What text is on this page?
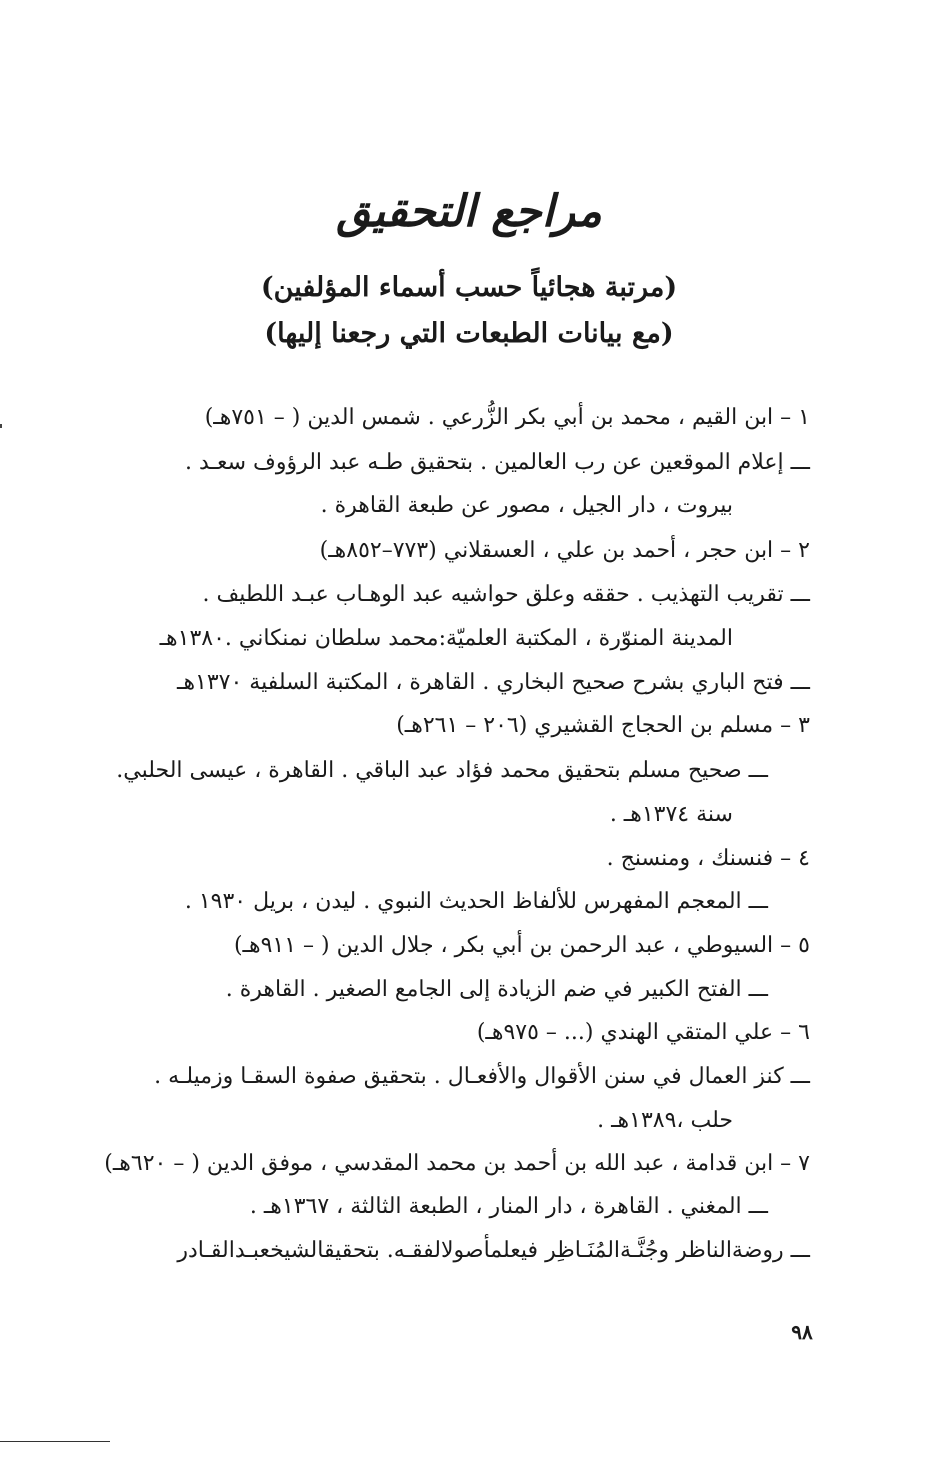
مراجع التحقيق
(مرتبة هجائياً حسب أسماء المؤلفين)
(مع بيانات الطبعات التي رجعنا إليها)
١ – ابن القيم ، محمد بن أبي بكر الزُّرعي . شمس الدين ( – ٧٥١هـ)
ـــ إعلام الموقعين عن رب العالمين . بتحقيق طـه عبد الرؤوف سعـد .
بيروت ، دار الجيل ، مصور عن طبعة القاهرة .
٢ – ابن حجر ، أحمد بن علي ، العسقلاني (٧٧٣–٨٥٢هـ)
ـــ تقريب التهذيب . حققه وعلق حواشيه عبد الوهـاب عبـد اللطيف .
المدينة المنوّرة ، المكتبة العلميّة:محمد سلطان نمنكاني .١٣٨٠هـ
ـــ فتح الباري بشرح صحيح البخاري . القاهرة ، المكتبة السلفية ١٣٧٠هـ
٣ – مسلم بن الحجاج القشيري (٢٠٦ – ٢٦١هـ)
ـــ صحيح مسلم بتحقيق محمد فؤاد عبد الباقي . القاهرة ، عيسى الحلبي.
سنة ١٣٧٤هـ .
٤ – فنسنك ، ومنسنج .
ـــ المعجم المفهرس للألفاظ الحديث النبوي . ليدن ، بريل ١٩٣٠ .
٥ – السيوطي ، عبد الرحمن بن أبي بكر ، جلال الدين ( – ٩١١هـ)
ـــ الفتح الكبير في ضم الزيادة إلى الجامع الصغير . القاهرة .
٦ – علي المتقي الهندي (... – ٩٧٥هـ)
ـــ كنز العمال في سنن الأقوال والأفعـال . بتحقيق صفوة السقـا وزميلـه .
حلب ،١٣٨٩هـ .
٧ – ابن قدامة ، عبد الله بن أحمد بن محمد المقدسي ، موفق الدين ( – ٦٢٠هـ)
ـــ المغني . القاهرة ، دار المنار ، الطبعة الثالثة ، ١٣٦٧هـ .
ـــ روضةالناظر وجُنَّـةالمُنَـاظِر فيعلمأصولالفقـه. بتحقيقالشيخعبـدالقـادر
٩٨
